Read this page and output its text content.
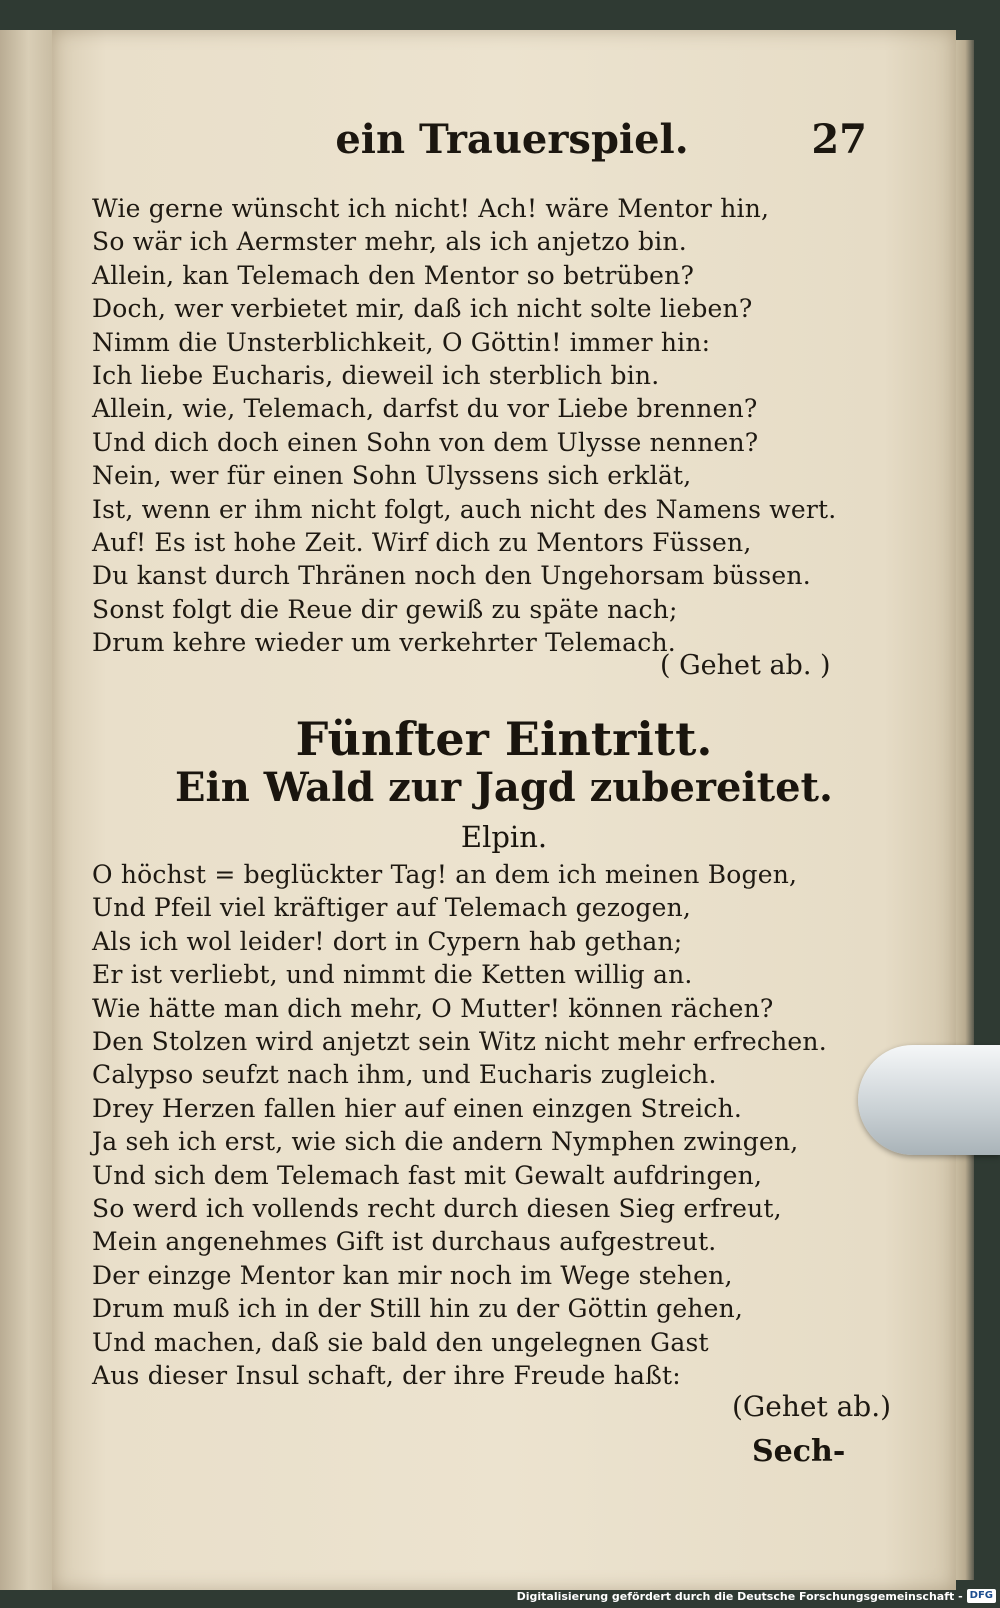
ein Trauerspiel.	27
Wie gerne wünscht ich nicht! Ach! wäre Mentor hin,
So wär ich Aermster mehr, als ich anjetzo bin.
Allein, kan Telemach den Mentor so betrüben?
Doch, wer verbietet mir, daß ich nicht solte lieben?
Nimm die Unsterblichkeit, O Göttin! immer hin:
Ich liebe Eucharis, dieweil ich sterblich bin.
Allein, wie, Telemach, darfst du vor Liebe brennen?
Und dich doch einen Sohn von dem Ulysse nennen?
Nein, wer für einen Sohn Ulyssens sich erklät,
Ist, wenn er ihm nicht folgt, auch nicht des Namens wert.
Auf! Es ist hohe Zeit. Wirf dich zu Mentors Füssen,
Du kanst durch Thränen noch den Ungehorsam büssen.
Sonst folgt die Reue dir gewiß zu späte nach;
Drum kehre wieder um verkehrter Telemach.
( Gehet ab. )
Fünfter Eintritt.
Ein Wald zur Jagd zubereitet.
Elpin.
O höchst = beglückter Tag! an dem ich meinen Bogen,
Und Pfeil viel kräftiger auf Telemach gezogen,
Als ich wol leider! dort in Cypern hab gethan;
Er ist verliebt, und nimmt die Ketten willig an.
Wie hätte man dich mehr, O Mutter! können rächen?
Den Stolzen wird anjetzt sein Witz nicht mehr erfrechen.
Calypso seufzt nach ihm, und Eucharis zugleich.
Drey Herzen fallen hier auf einen einzgen Streich.
Ja seh ich erst, wie sich die andern Nymphen zwingen,
Und sich dem Telemach fast mit Gewalt aufdringen,
So werd ich vollends recht durch diesen Sieg erfreut,
Mein angenehmes Gift ist durchaus aufgestreut.
Der einzge Mentor kan mir noch im Wege stehen,
Drum muß ich in der Still hin zu der Göttin gehen,
Und machen, daß sie bald den ungelegnen Gast
Aus dieser Insul schaft, der ihre Freude haßt:
(Gehet ab.)
Sech-
Digitalisierung gefördert durch die Deutsche Forschungsgemeinschaft - DFG
